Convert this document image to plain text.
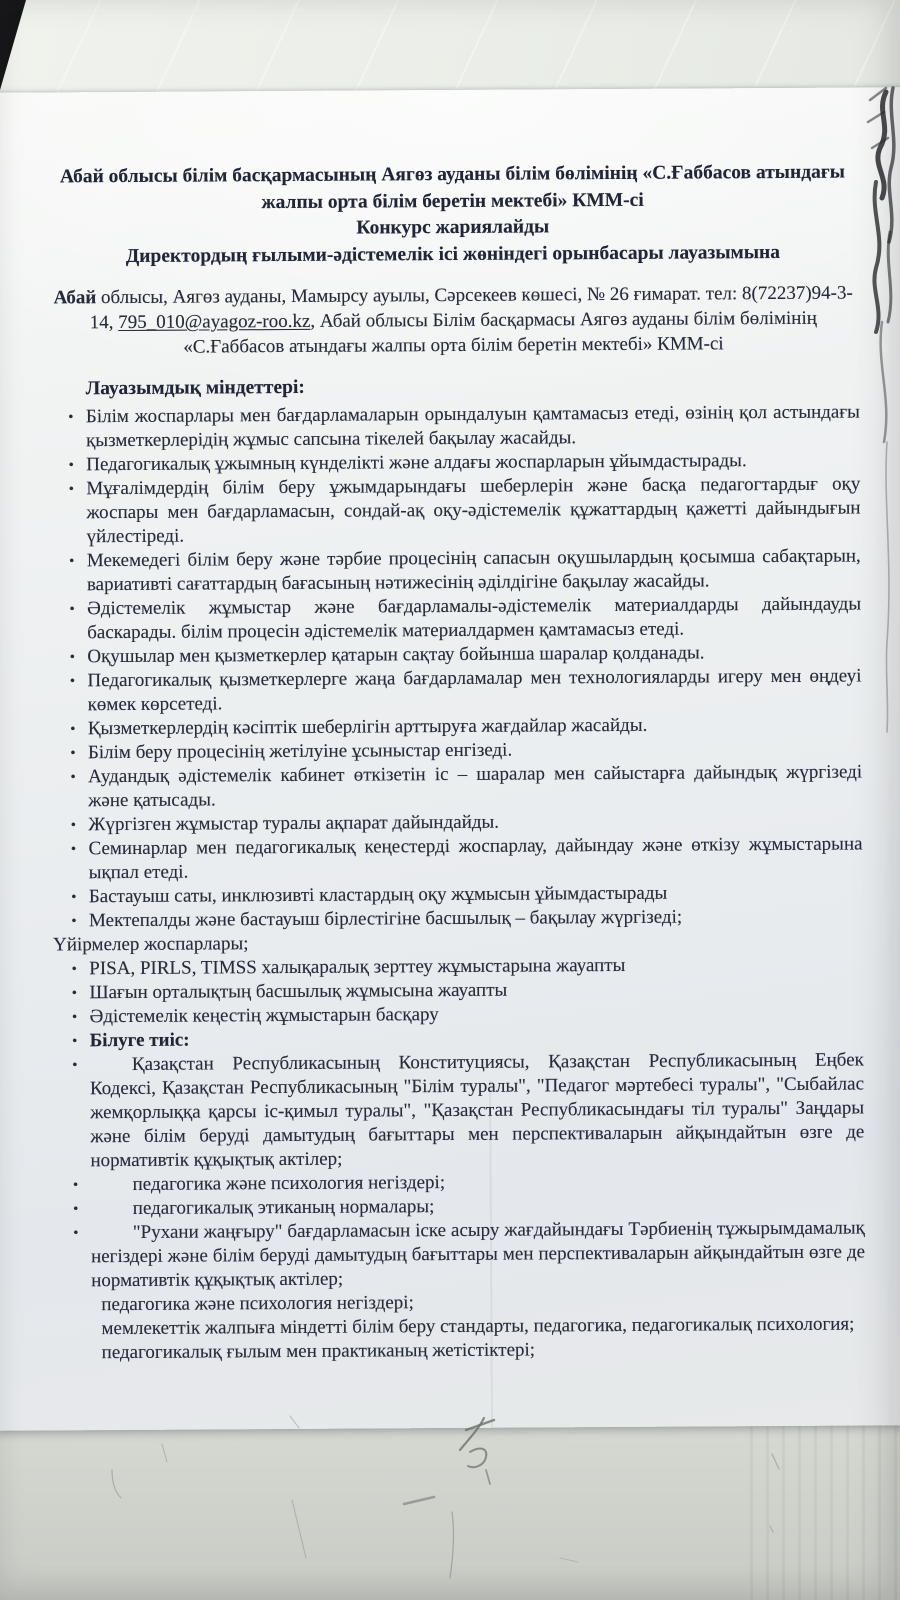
Абай облысы білім басқармасының Аягөз ауданы білім бөлімінің «С.Ғаббасов атындағы жалпы орта білім беретін мектебі» КММ-сі

Конкурс жариялайды

Директордың ғылыми-әдістемелік ісі жөніндегі орынбасары лауазымына

Абай облысы, Аягөз ауданы, Мамырсу ауылы, Сәрсекеев көшесі, № 26 ғимарат. тел: 8(72237)94-3-14, 795_010@ayagoz-roo.kz, Абай облысы Білім басқармасы Аягөз ауданы білім бөлімінің «С.Ғаббасов атындағы жалпы орта білім беретін мектебі» КММ-сі

Лауазымдық міндеттері:

• Білім жоспарлары мен бағдарламаларын орындалуын қамтамасыз етеді, өзінің қол астындағы қызметкерлерідің жұмыс сапсына тікелей бақылау жасайды.
• Педагогикалық ұжымның күнделікті және алдағы жоспарларын ұйымдастырады.
• Мұғалімдердің білім беру ұжымдарындағы шеберлерін және басқа педагогтардығ оқу жоспары мен бағдарламасын, сондай-ақ оқу-әдістемелік құжаттардың қажетті дайындығын үйлестіреді.
• Мекемедегі білім беру және тәрбие процесінің сапасын оқушылардың қосымша сабақтарын, вариативті сағаттардың бағасының нәтижесінің әділдігіне бақылау жасайды.
• Әдістемелік жұмыстар және бағдарламалы-әдістемелік материалдарды дайындауды баскарады. білім процесін әдістемелік материалдармен қамтамасыз етеді.
• Оқушылар мен қызметкерлер қатарын сақтау бойынша шаралар қолданады.
• Педагогикалық қызметкерлерге жаңа бағдарламалар мен технологияларды игеру мен өңдеуі көмек көрсетеді.
• Қызметкерлердің кәсіптік шеберлігін арттыруға жағдайлар жасайды.
• Білім беру процесінің жетілуіне ұсыныстар енгізеді.
• Аудандық әдістемелік кабинет өткізетін іс – шаралар мен сайыстарға дайындық жүргізеді және қатысады.
• Жүргізген жұмыстар туралы ақпарат дайындайды.
• Семинарлар мен педагогикалық кеңестерді жоспарлау, дайындау және өткізу жұмыстарына ықпал етеді.
• Бастауыш саты, инклюзивті кластардың оқу жұмысын ұйымдастырады
• Мектепалды және бастауыш бірлестігіне басшылық – бақылау жүргізеді;
Үйірмелер жоспарлары;
• PISA, PIRLS, TIMSS халықаралық зерттеу жұмыстарына жауапты
• Шағын орталықтың басшылық жұмысына жауапты
• Әдістемелік кеңестің жұмыстарын басқару
• Білуге тиіс:
•	Қазақстан Республикасының Конституциясы, Қазақстан Республикасының Еңбек Кодексі, Қазақстан Республикасының "Білім туралы", "Педагог мәртебесі туралы", "Сыбайлас жемқорлыққа қарсы іс-қимыл туралы", "Қазақстан Республикасындағы тіл туралы" Заңдары және білім беруді дамытудың бағыттары мен перспективаларын айқындайтын өзге де нормативтік құқықтық актілер;
•	педагогика және психология негіздері;
•	педагогикалық этиканың нормалары;
•	"Рухани жаңғыру" бағдарламасын іске асыру жағдайындағы Тәрбиенің тұжырымдамалық негіздері және білім беруді дамытудың бағыттары мен перспективаларын айқындайтын өзге де нормативтік құқықтық актілер;
педагогика және психология негіздері;
мемлекеттік жалпыға міндетті білім беру стандарты, педагогика, педагогикалық психология;
педагогикалық ғылым мен практиканың жетістіктері;
